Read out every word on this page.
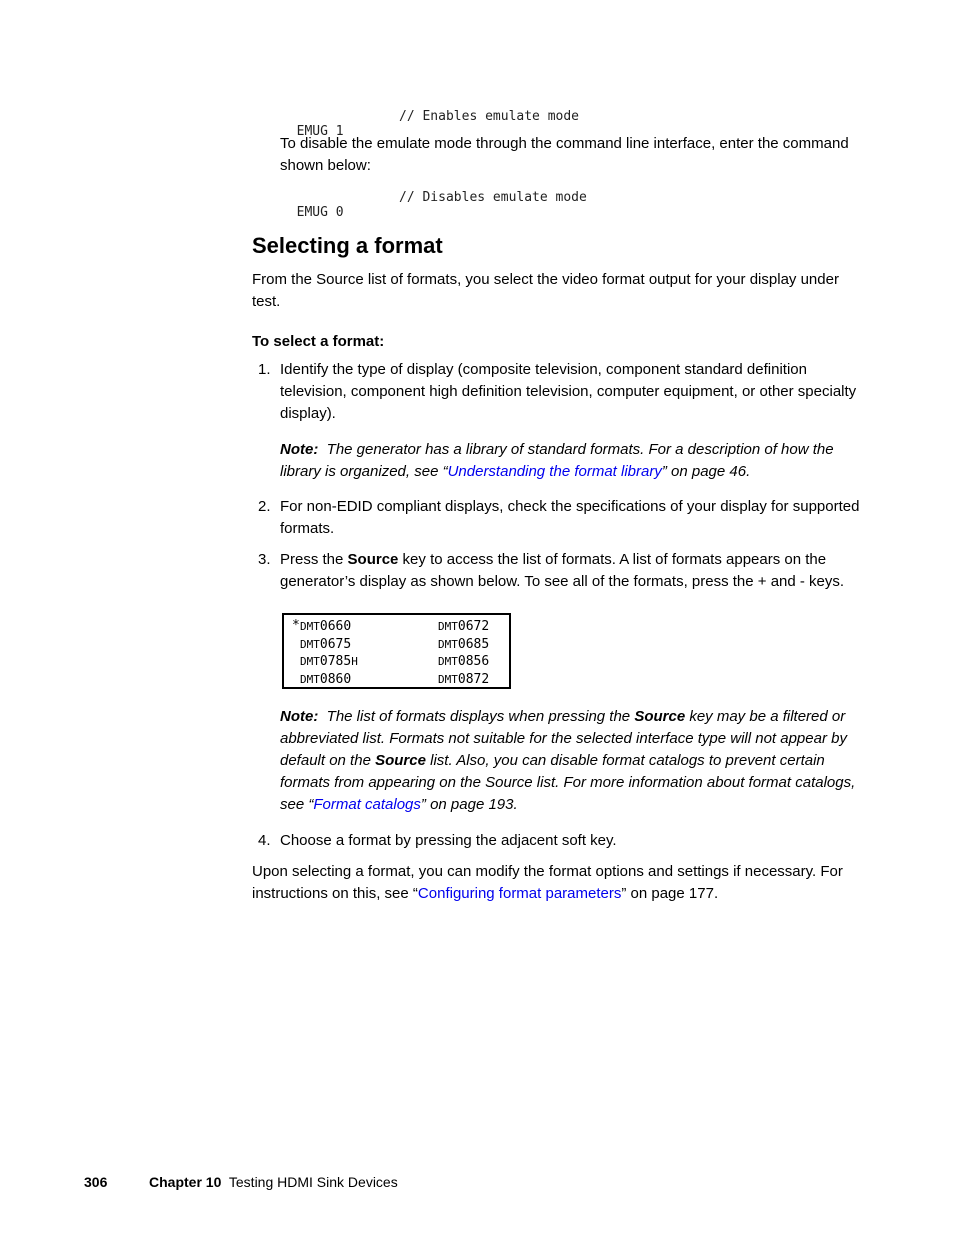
EMUG 1
// Enables emulate mode

To disable the emulate mode through the command line interface, enter the command
shown below:

EMUG 0
// Disables emulate mode

Selecting a format
From the Source list of formats, you select the video format output for your display under
test.
To select a format:
1. Identify the type of display (composite television, component standard definition
television, component high definition television, computer equipment, or other specialty
display).
Note: The generator has a library of standard formats. For a description of how the
library is organized, see “Understanding the format library” on page 46.
2. For non-EDID compliant displays, check the specifications of your display for supported
formats.
3. Press the Source key to access the list of formats. A list of formats appears on the
generator’s display as shown below. To see all of the formats, press the + and - keys.
* DMT0660	DMT0672
DMT0675	DMT0685
DMT0785H	DMT0856
DMT0860	DMT0872
Note: The list of formats displays when pressing the Source key may be a filtered or
abbreviated list. Formats not suitable for the selected interface type will not appear by
default on the Source list. Also, you can disable format catalogs to prevent certain
formats from appearing on the Source list. For more information about format catalogs,
see “Format catalogs” on page 193.
4. Choose a format by pressing the adjacent soft key.
Upon selecting a format, you can modify the format options and settings if necessary. For
instructions on this, see “Configuring format parameters” on page 177.
306	Chapter 10 Testing HDMI Sink Devices
